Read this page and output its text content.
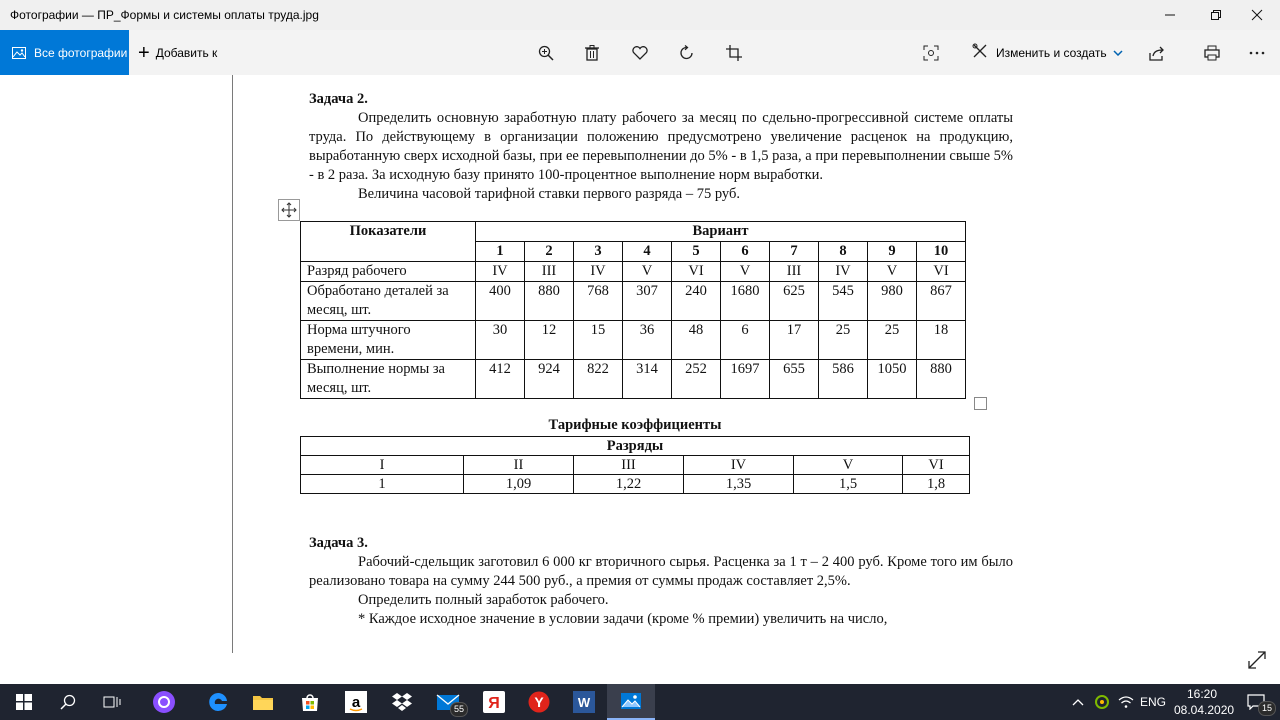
Фотографии — ПР_Формы и системы оплаты труда.jpg
Все фотографии + Добавить к	Изменить и создать

Задача 2.

Определить основную заработную плату рабочего за месяц по сдельно-прогрессивной системе оплаты труда. По действующему в организации положению предусмотрено увеличение расценок на продукцию, выработанную сверх исходной базы, при ее перевыполнении до 5% - в 1,5 раза, а при перевыполнении свыше 5% - в 2 раза. За исходную базу принято 100-процентное выполнение норм выработки.

Величина часовой тарифной ставки первого разряда – 75 руб.

Показатели	Вариант									
	1	2	3	4	5	6	7	8	9	10
Разряд рабочего	IV	III	IV	V	VI	V	III	IV	V	VI
Обработано деталей за месяц, шт.	400	880	768	307	240	1680	625	545	980	867
Норма штучного времени, мин.	30	12	15	36	48	6	17	25	25	18
Выполнение нормы за месяц, шт.	412	924	822	314	252	1697	655	586	1050	880
Тарифные коэффициенты
Разряды					
I	II	III	IV	V	VI
1	1,09	1,22	1,35	1,5	1,8

Задача 3.

Рабочий-сдельщик заготовил 6 000 кг вторичного сырья. Расценка за 1 т – 2 400 руб. Кроме того им было реализовано товара на сумму 244 500 руб., а премия от суммы продаж составляет 2,5%.

Определить полный заработок рабочего.

* Каждое исходное значение в условии задачи (кроме % премии) увеличить на число,

a	55 Я Y	W	ENG
16:20
08.04.2020	15
